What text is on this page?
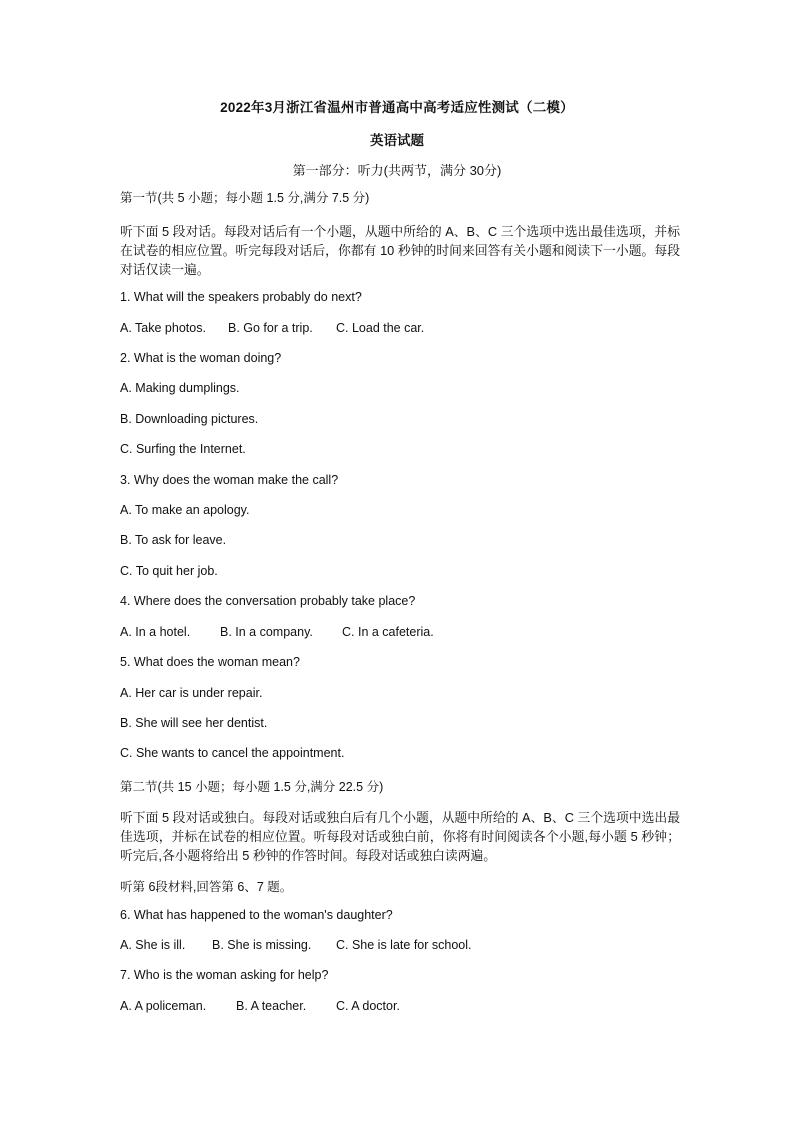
2022年3月浙江省温州市普通高中高考适应性测试（二模）
英语试题
第一部分：听力(共两节，满分 30分)
第一节(共 5 小题；每小题 1.5 分,满分 7.5 分)
听下面 5 段对话。每段对话后有一个小题，从题中所给的 A、B、C 三个选项中选出最佳选项，并标在试卷的相应位置。听完每段对话后，你都有 10 秒钟的时间来回答有关小题和阅读下一小题。每段对话仅读一遍。
1. What will the speakers probably do next?
A. Take photos. B. Go for a trip. C. Load the car.
2. What is the woman doing?
A. Making dumplings.
B. Downloading pictures.
C. Surfing the Internet.
3. Why does the woman make the call?
A. To make an apology.
B. To ask for leave.
C. To quit her job.
4. Where does the conversation probably take place?
A. In a hotel. B. In a company. C. In a cafeteria.
5. What does the woman mean?
A. Her car is under repair.
B. She will see her dentist.
C. She wants to cancel the appointment.
第二节(共 15 小题；每小题 1.5 分,满分 22.5 分)
听下面 5 段对话或独白。每段对话或独白后有几个小题，从题中所给的 A、B、C 三个选项中选出最佳选项，并标在试卷的相应位置。听每段对话或独白前，你将有时间阅读各个小题,每小题 5 秒钟；听完后,各小题将给出 5 秒钟的作答时间。每段对话或独白读两遍。
听第 6段材料,回答第 6、7 题。
6. What has happened to the woman's daughter?
A. She is ill. B. She is missing. C. She is late for school.
7. Who is the woman asking for help?
A. A policeman. B. A teacher. C. A doctor.
